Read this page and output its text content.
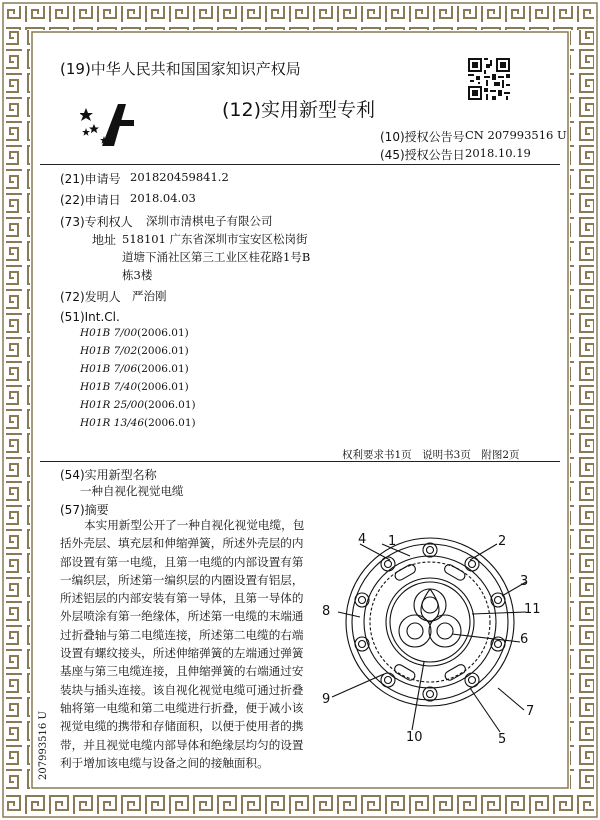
(19)中华人民共和国国家知识产权局
(12)实用新型专利
(10)授权公告号 CN 207993516 U
(45)授权公告日 2018.10.19
(21)申请号 201820459841.2
(22)申请日 2018.04.03
(73)专利权人 深圳市清棋电子有限公司
地址 518101 广东省深圳市宝安区松岗街
道塘下涌社区第三工业区桂花路1号B
栋3楼
(72)发明人 严治刚
(51)Int.Cl.
H01B 7/00(2006.01)
H01B 7/02(2006.01)
H01B 7/06(2006.01)
H01B 7/40(2006.01)
H01R 25/00(2006.01)
H01R 13/46(2006.01)
权利要求书1页　说明书3页　附图2页
(54)实用新型名称
一种自视化视觉电缆
(57)摘要

本实用新型公开了一种自视化视觉电缆，包

括外壳层、填充层和伸缩弹簧，所述外壳层的内

部设置有第一电缆，且第一电缆的内部设置有第

一编织层，所述第一编织层的内圈设置有铝层，

所述铝层的内部安装有第一导体，且第一导体的

外层喷涂有第一绝缘体，所述第一电缆的末端通

过折叠轴与第二电缆连接，所述第二电缆的右端

设置有螺纹接头，所述伸缩弹簧的左端通过弹簧

基座与第三电缆连接，且伸缩弹簧的右端通过安

装块与插头连接。该自视化视觉电缆可通过折叠

轴将第一电缆和第二电缆进行折叠，便于减小该

视觉电缆的携带和存储面积，以便于使用者的携

带，并且视觉电缆内部导体和绝缘层均匀的设置

利于增加该电缆与设备之间的接触面积。

4 1	2
3
11
8
6
9
7
10	5
207993516 U
